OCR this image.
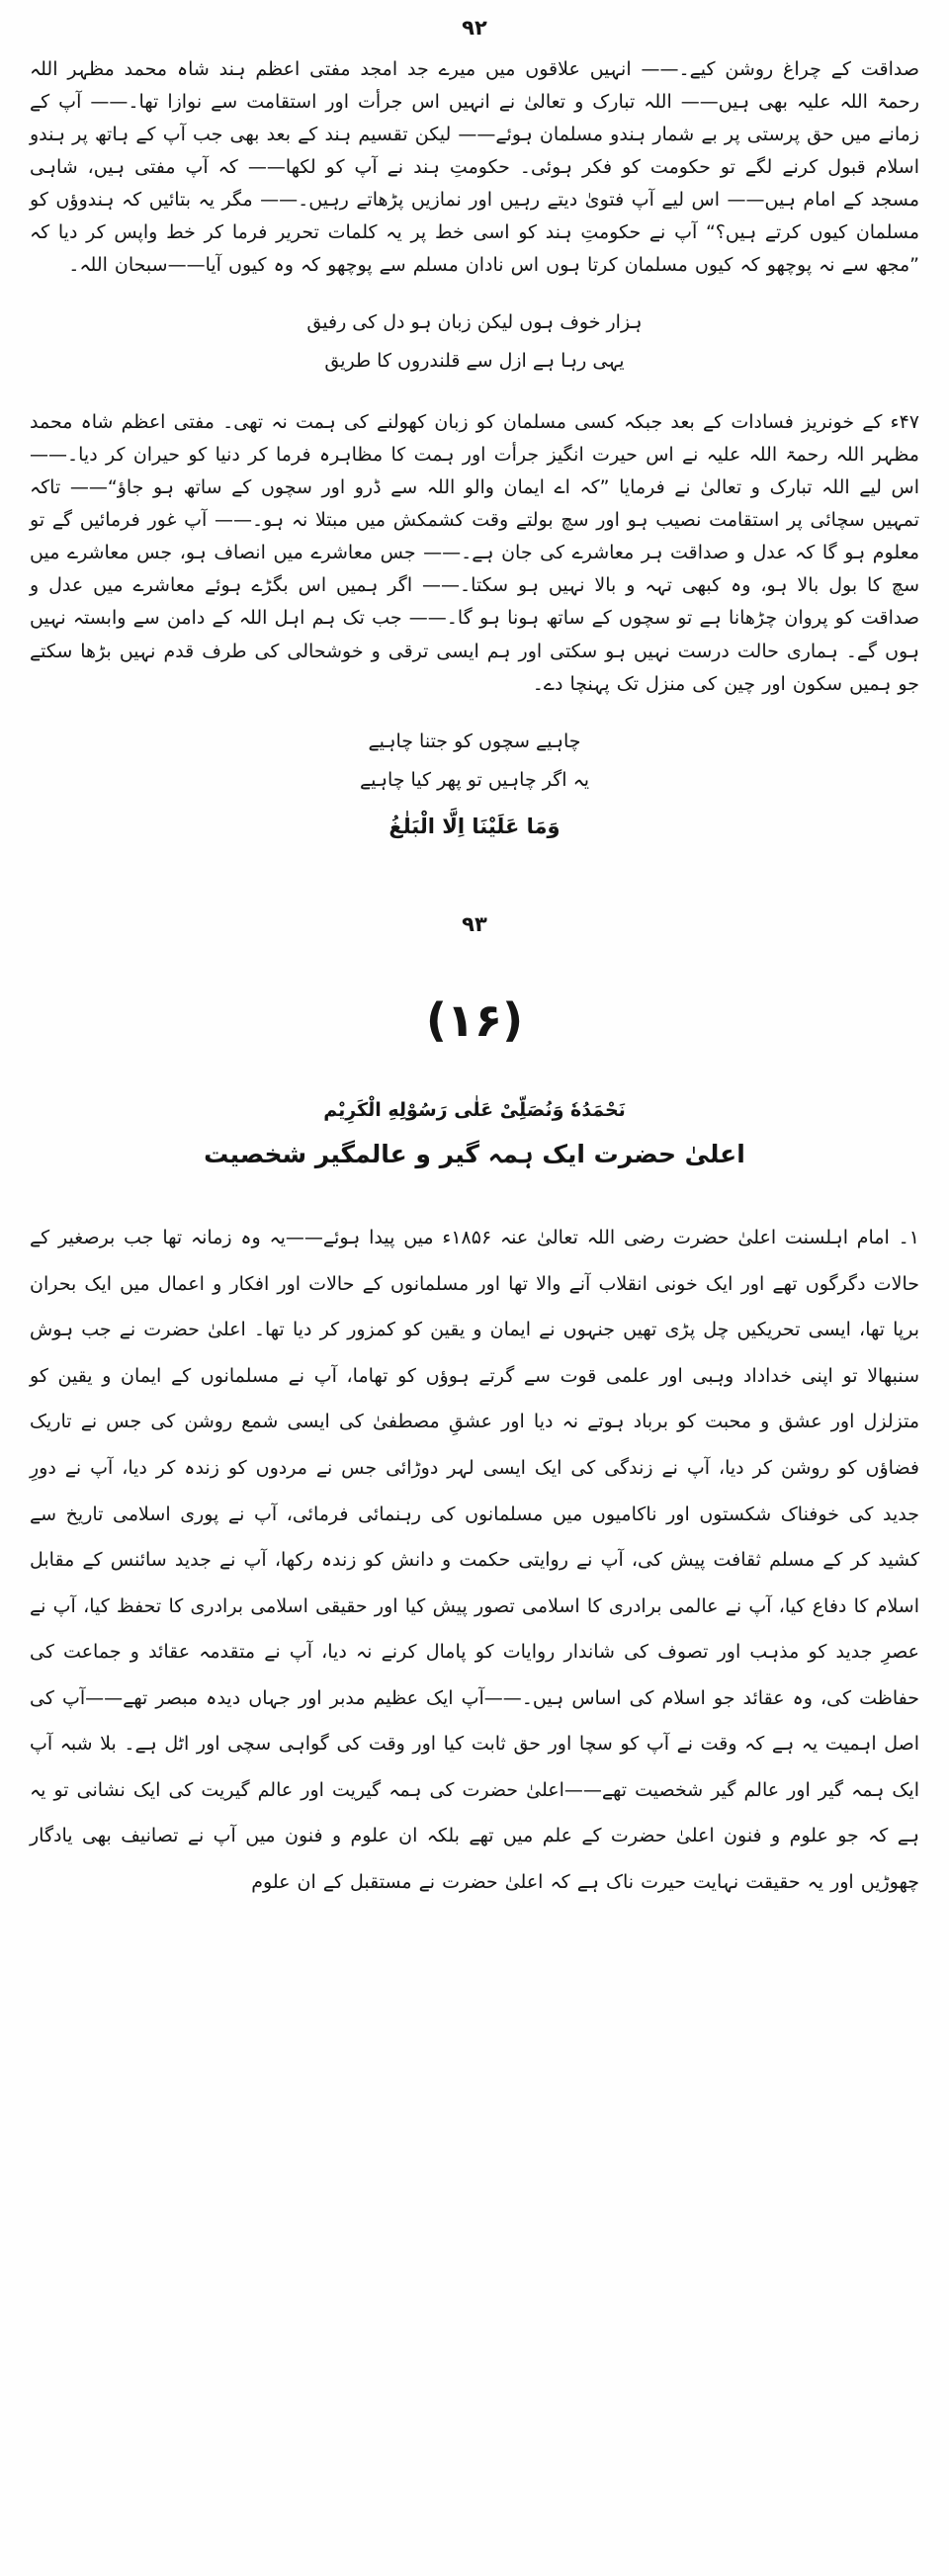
۹۲

صداقت کے چراغ روشن کیے۔—— انہیں علاقوں میں میرے جد امجد مفتی اعظم ہند شاہ محمد مظہر اللہ رحمۃ اللہ علیہ بھی ہیں—— اللہ تبارک و تعالیٰ نے انہیں اس جرأت اور استقامت سے نوازا تھا۔—— آپ کے زمانے میں حق پرستی پر بے شمار ہندو مسلمان ہوئے—— لیکن تقسیم ہند کے بعد بھی جب آپ کے ہاتھ پر ہندو اسلام قبول کرنے لگے تو حکومت کو فکر ہوئی۔ حکومتِ ہند نے آپ کو لکھا—— کہ آپ مفتی ہیں، شاہی مسجد کے امام ہیں—— اس لیے آپ فتویٰ دیتے رہیں اور نمازیں پڑھاتے رہیں۔—— مگر یہ بتائیں کہ ہندوؤں کو مسلمان کیوں کرتے ہیں؟“ آپ نے حکومتِ ہند کو اسی خط پر یہ کلمات تحریر فرما کر خط واپس کر دیا کہ ”مجھ سے نہ پوچھو کہ کیوں مسلمان کرتا ہوں اس نادان مسلم سے پوچھو کہ وہ کیوں آیا——سبحان اللہ۔

ہزار خوف ہوں لیکن زبان ہو دل کی رفیق
یہی رہا ہے ازل سے قلندروں کا طریق

۴۷ء کے خونریز فسادات کے بعد جبکہ کسی مسلمان کو زبان کھولنے کی ہمت نہ تھی۔ مفتی اعظم شاہ محمد مظہر اللہ رحمۃ اللہ علیہ نے اس حیرت انگیز جرأت اور ہمت کا مظاہرہ فرما کر دنیا کو حیران کر دیا۔—— اس لیے اللہ تبارک و تعالیٰ نے فرمایا ”کہ اے ایمان والو اللہ سے ڈرو اور سچوں کے ساتھ ہو جاؤ“—— تاکہ تمہیں سچائی پر استقامت نصیب ہو اور سچ بولتے وقت کشمکش میں مبتلا نہ ہو۔—— آپ غور فرمائیں گے تو معلوم ہو گا کہ عدل و صداقت ہر معاشرے کی جان ہے۔—— جس معاشرے میں انصاف ہو، جس معاشرے میں سچ کا بول بالا ہو، وہ کبھی تہہ و بالا نہیں ہو سکتا۔—— اگر ہمیں اس بگڑے ہوئے معاشرے میں عدل و صداقت کو پروان چڑھانا ہے تو سچوں کے ساتھ ہونا ہو گا۔—— جب تک ہم اہل اللہ کے دامن سے وابستہ نہیں ہوں گے۔ ہماری حالت درست نہیں ہو سکتی اور ہم ایسی ترقی و خوشحالی کی طرف قدم نہیں بڑھا سکتے جو ہمیں سکون اور چین کی منزل تک پہنچا دے۔

چاہیے سچوں کو جتنا چاہیے
یہ اگر چاہیں تو پھر کیا چاہیے
وَمَا عَلَيْنَا اِلَّا الْبَلٰغُ
۹۳
(۱۶)
نَحْمَدُهٗ وَنُصَلِّیْ عَلٰی رَسُوْلِهِ الْکَرِیْم
اعلیٰ حضرت ایک ہمہ گیر و عالمگیر شخصیت

۱۔ امام اہلسنت اعلیٰ حضرت رضی اللہ تعالیٰ عنہ ۱۸۵۶ء میں پیدا ہوئے——یہ وہ زمانہ تھا جب برصغیر کے حالات دگرگوں تھے اور ایک خونی انقلاب آنے والا تھا اور مسلمانوں کے حالات اور افکار و اعمال میں ایک بحران برپا تھا، ایسی تحریکیں چل پڑی تھیں جنہوں نے ایمان و یقین کو کمزور کر دیا تھا۔ اعلیٰ حضرت نے جب ہوش سنبھالا تو اپنی خداداد وہبی اور علمی قوت سے گرتے ہوؤں کو تھاما، آپ نے مسلمانوں کے ایمان و یقین کو متزلزل اور عشق و محبت کو برباد ہوتے نہ دیا اور عشقِ مصطفیٰ کی ایسی شمع روشن کی جس نے تاریک فضاؤں کو روشن کر دیا، آپ نے زندگی کی ایک ایسی لہر دوڑائی جس نے مردوں کو زندہ کر دیا، آپ نے دورِ جدید کی خوفناک شکستوں اور ناکامیوں میں مسلمانوں کی رہنمائی فرمائی، آپ نے پوری اسلامی تاریخ سے کشید کر کے مسلم ثقافت پیش کی، آپ نے روایتی حکمت و دانش کو زندہ رکھا، آپ نے جدید سائنس کے مقابل اسلام کا دفاع کیا، آپ نے عالمی برادری کا اسلامی تصور پیش کیا اور حقیقی اسلامی برادری کا تحفظ کیا، آپ نے عصرِ جدید کو مذہب اور تصوف کی شاندار روایات کو پامال کرنے نہ دیا، آپ نے متقدمہ عقائد و جماعت کی حفاظت کی، وہ عقائد جو اسلام کی اساس ہیں۔——آپ ایک عظیم مدبر اور جہاں دیدہ مبصر تھے——آپ کی اصل اہمیت یہ ہے کہ وقت نے آپ کو سچا اور حق ثابت کیا اور وقت کی گواہی سچی اور اٹل ہے۔ بلا شبہ آپ ایک ہمہ گیر اور عالم گیر شخصیت تھے——اعلیٰ حضرت کی ہمہ گیریت اور عالم گیریت کی ایک نشانی تو یہ ہے کہ جو علوم و فنون اعلیٰ حضرت کے علم میں تھے بلکہ ان علوم و فنون میں آپ نے تصانیف بھی یادگار چھوڑیں اور یہ حقیقت نہایت حیرت ناک ہے کہ اعلیٰ حضرت نے مستقبل کے ان علوم
